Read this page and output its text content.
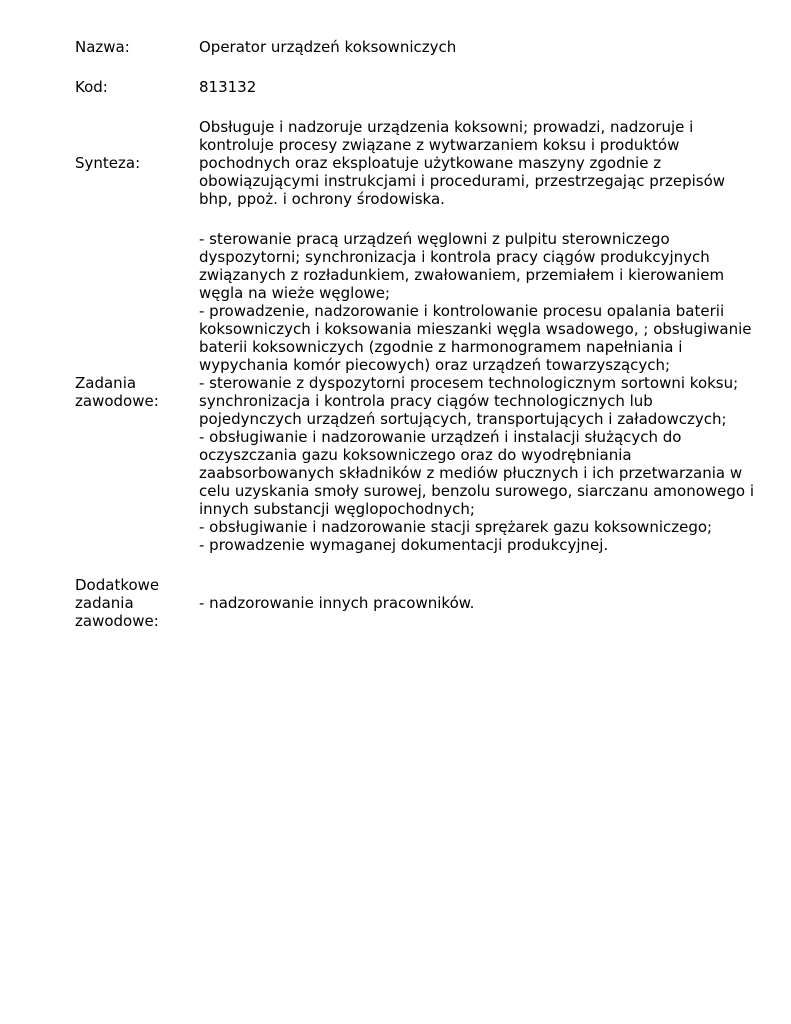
Nazwa:	Operator urządzeń koksowniczych
Kod:	813132
Synteza:
Obsługuje i nadzoruje urządzenia koksowni; prowadzi, nadzoruje i kontroluje procesy związane z wytwarzaniem koksu i produktów pochodnych oraz eksploatuje użytkowane maszyny zgodnie z obowiązującymi instrukcjami i procedurami, przestrzegając przepisów bhp, ppoż. i ochrony środowiska.
Zadania
zawodowe:
- sterowanie pracą urządzeń węglowni z pulpitu sterowniczego dyspozytorni; synchronizacja i kontrola pracy ciągów produkcyjnych związanych z rozładunkiem, zwałowaniem, przemiałem i kierowaniem węgla na wieże węglowe;
- prowadzenie, nadzorowanie i kontrolowanie procesu opalania baterii koksowniczych i koksowania mieszanki węgla wsadowego, ; obsługiwanie baterii koksowniczych (zgodnie z harmonogramem napełniania i wypychania komór piecowych) oraz urządzeń towarzyszących;
- sterowanie z dyspozytorni procesem technologicznym sortowni koksu; synchronizacja i kontrola pracy ciągów technologicznych lub pojedynczych urządzeń sortujących, transportujących i załadowczych;
- obsługiwanie i nadzorowanie urządzeń i instalacji służących do oczyszczania gazu koksowniczego oraz do wyodrębniania zaabsorbowanych składników z mediów płucznych i ich przetwarzania w celu uzyskania smoły surowej, benzolu surowego, siarczanu amonowego i innych substancji węglopochodnych;
- obsługiwanie i nadzorowanie stacji sprężarek gazu koksowniczego;
- prowadzenie wymaganej dokumentacji produkcyjnej.
Dodatkowe
zadania
zawodowe:
- nadzorowanie innych pracowników.
